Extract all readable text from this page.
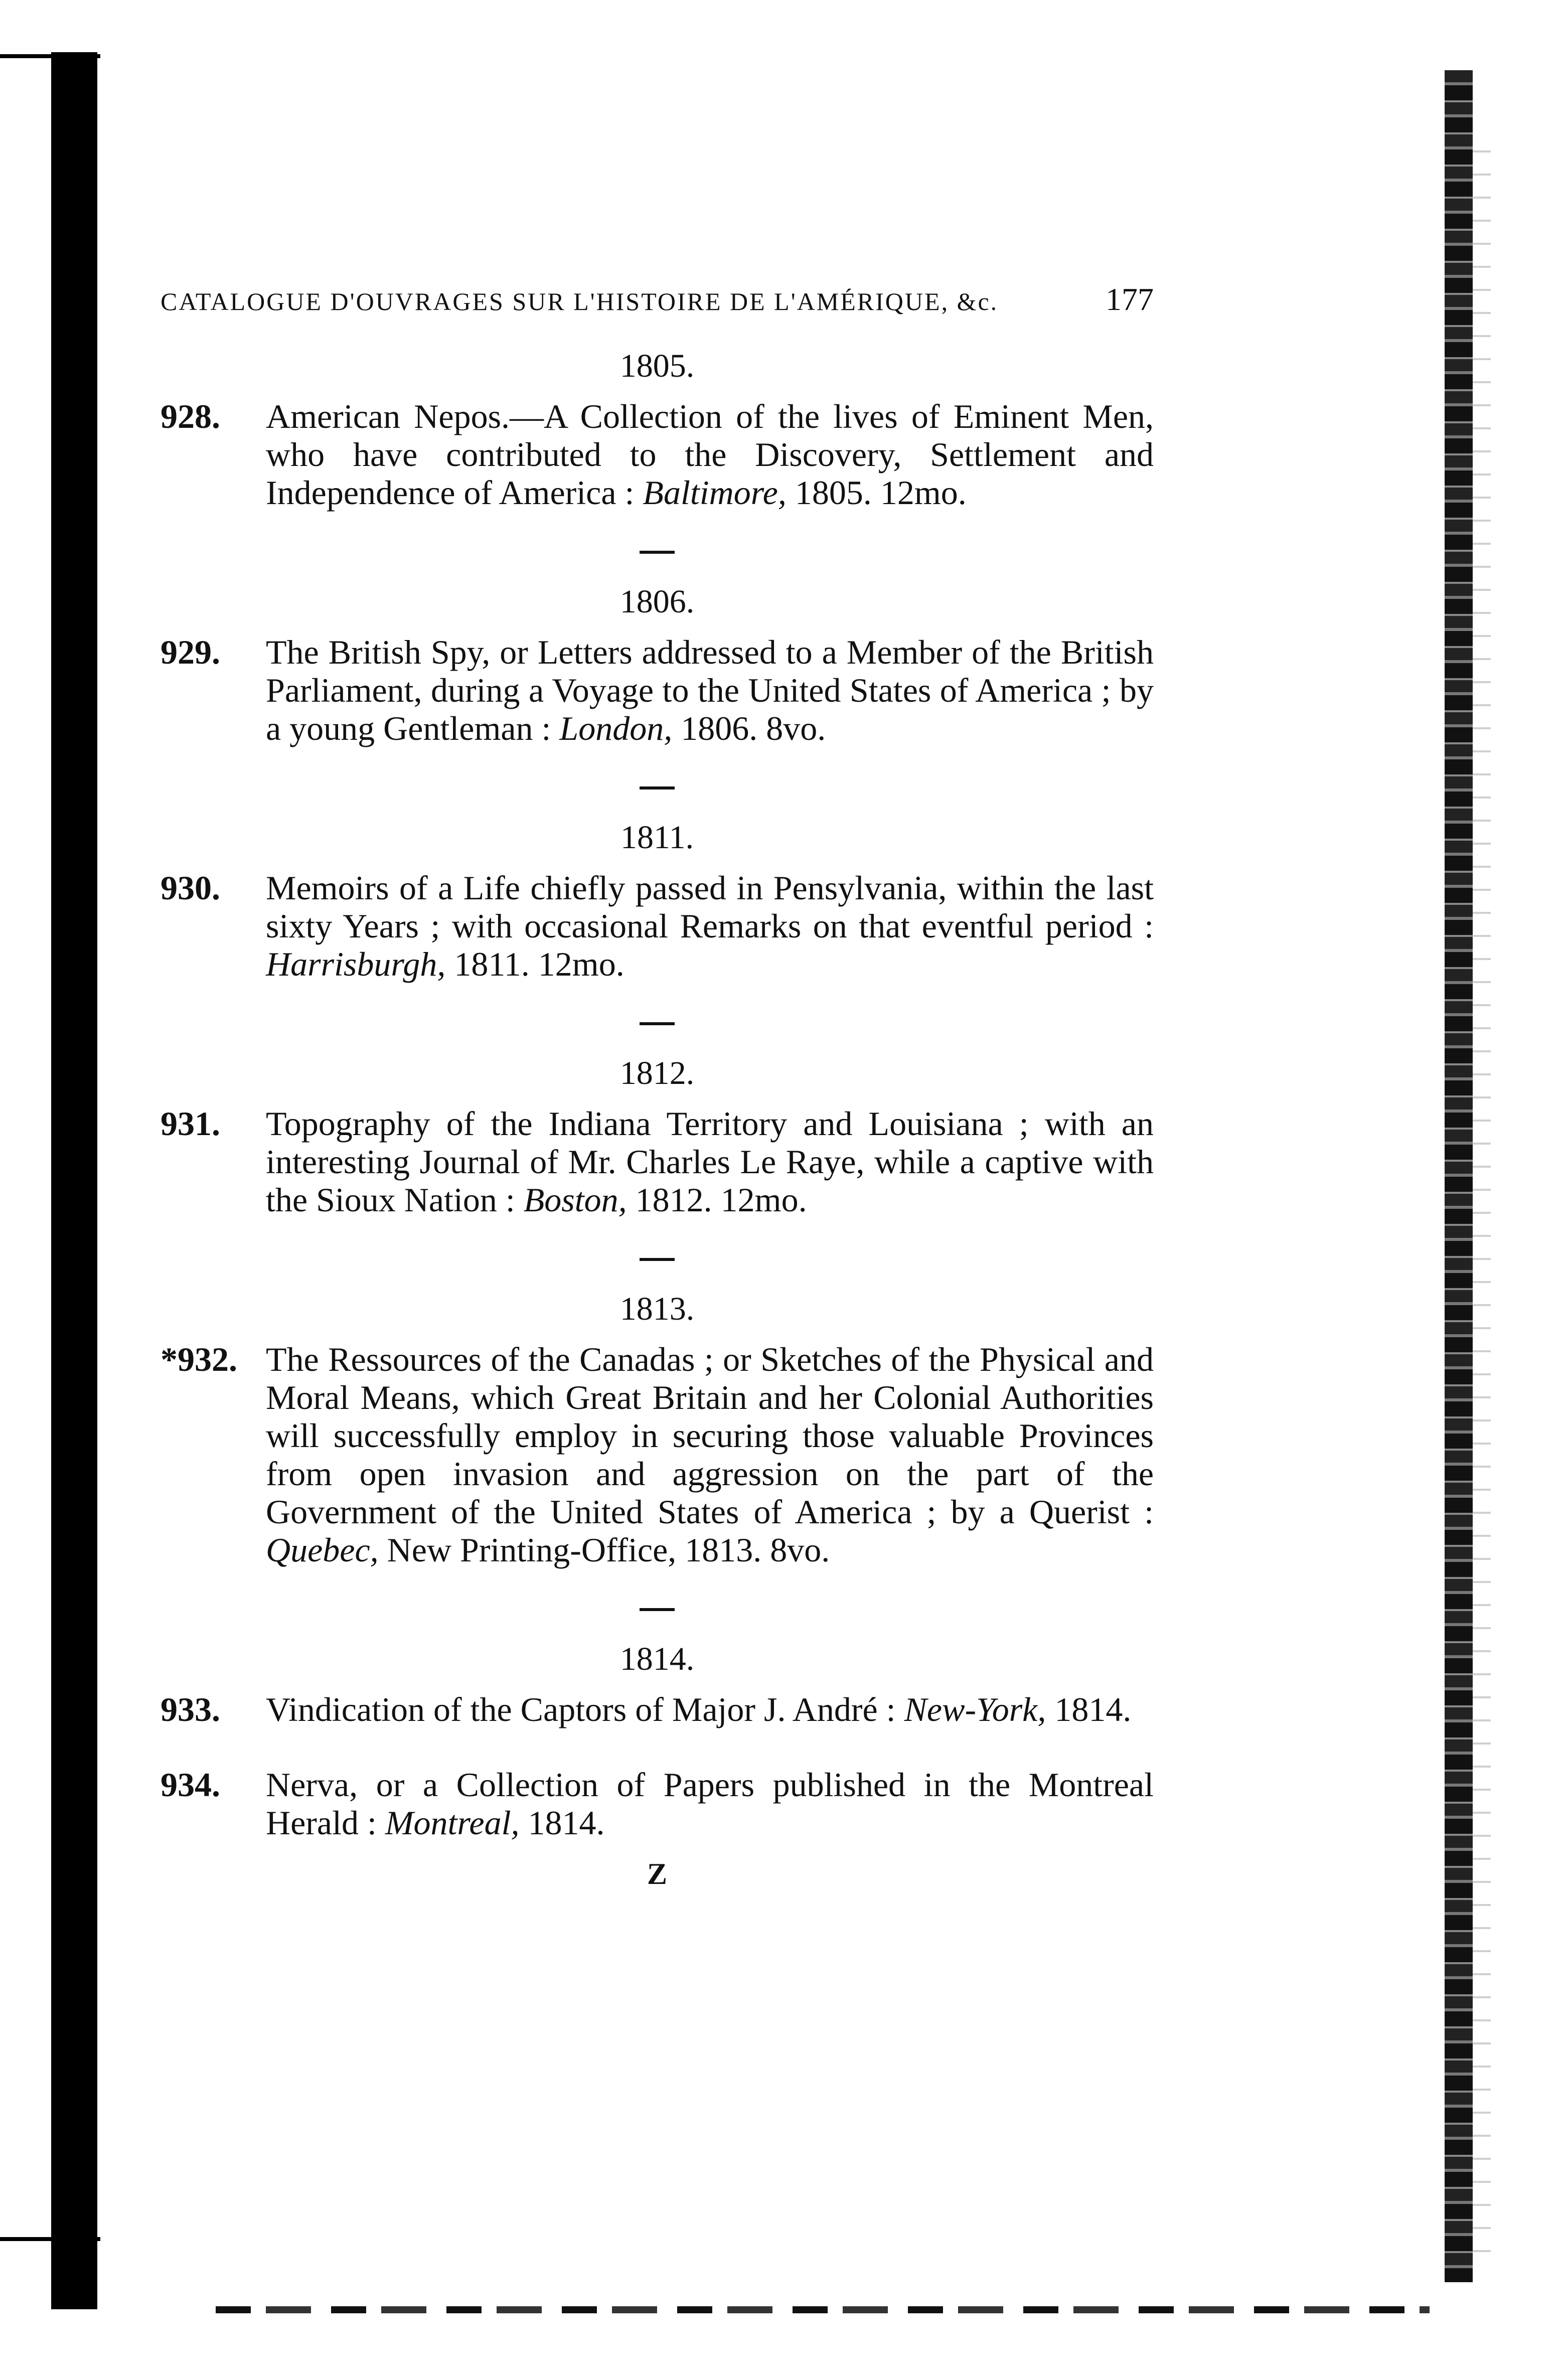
CATALOGUE D'OUVRAGES SUR L'HISTOIRE DE L'AMÉRIQUE, &c.	177
1805.
928.	American Nepos.—A Collection of the lives of Eminent Men, who have contributed to the Discovery, Settlement and Independence of America : Baltimore, 1805. 12mo.
1806.
929.	The British Spy, or Letters addressed to a Member of the British Parliament, during a Voyage to the United States of America ; by a young Gentleman : London, 1806. 8vo.
1811.
930.	Memoirs of a Life chiefly passed in Pensylvania, within the last sixty Years ; with occasional Remarks on that eventful period : Harrisburgh, 1811. 12mo.
1812.
931.	Topography of the Indiana Territory and Louisiana ; with an interesting Journal of Mr. Charles Le Raye, while a captive with the Sioux Nation : Boston, 1812. 12mo.
1813.
*932. The Ressources of the Canadas ; or Sketches of the Physical and Moral Means, which Great Britain and her Colonial Authorities will successfully employ in securing those valuable Provinces from open invasion and aggression on the part of the Government of the United States of America ; by a Querist : Quebec, New Printing-Office, 1813. 8vo.
1814.
933.	Vindication of the Captors of Major J. André : New-York, 1814.
934.	Nerva, or a Collection of Papers published in the Montreal Herald : Montreal, 1814.
Z
